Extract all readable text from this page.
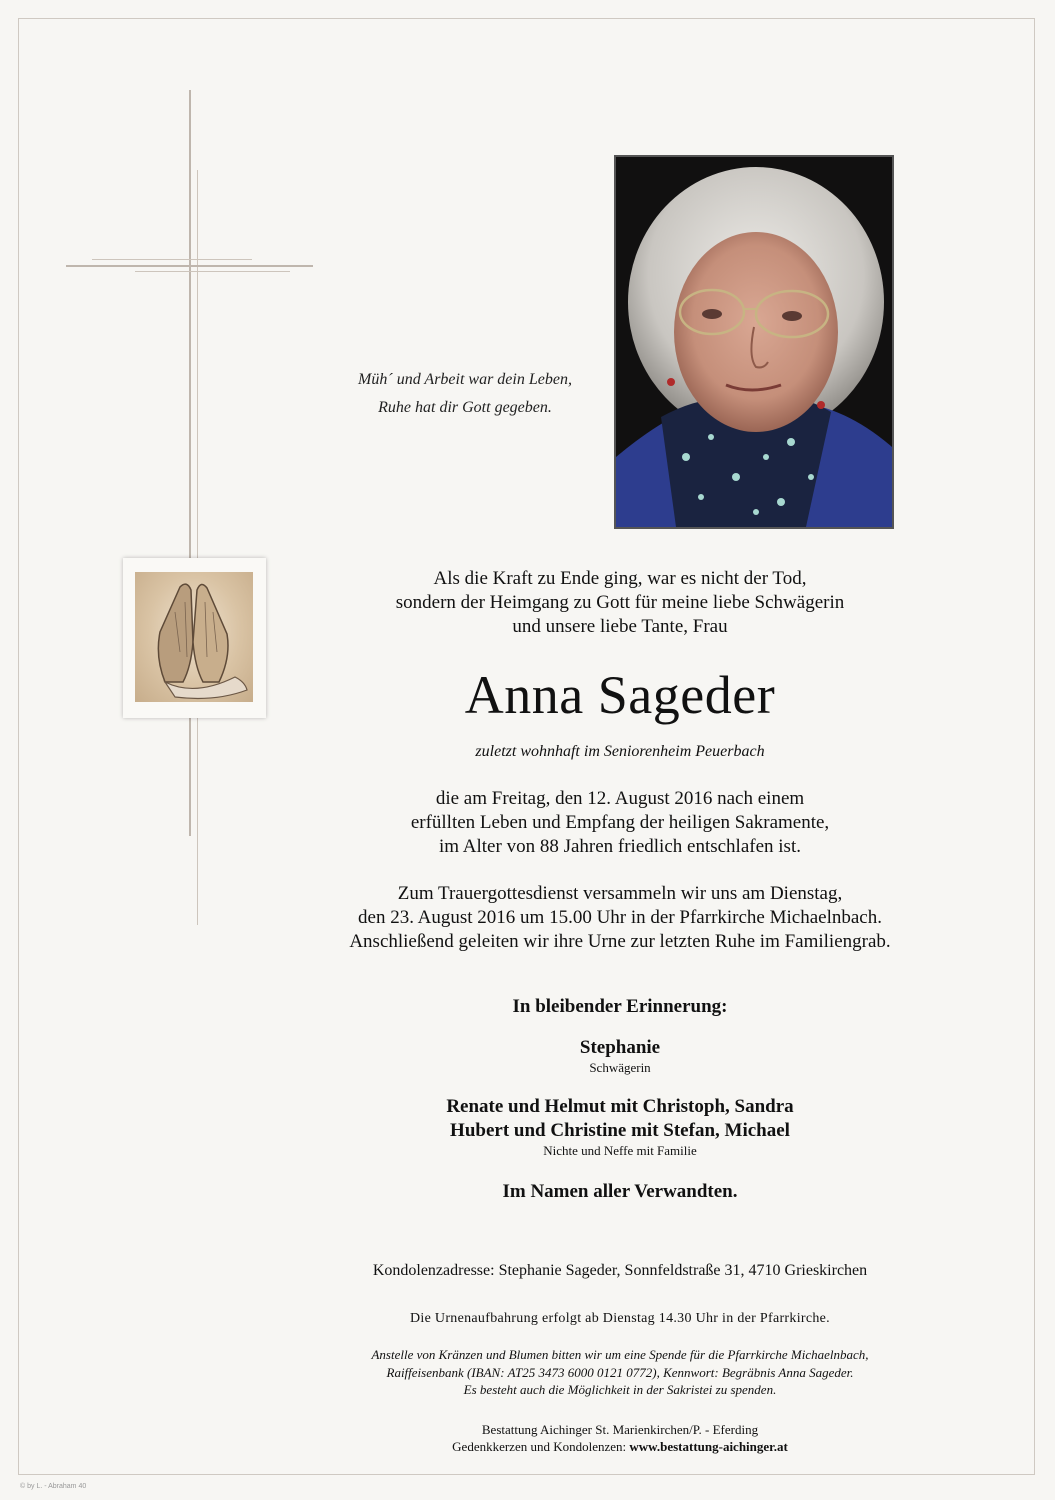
Müh´ und Arbeit war dein Leben,
Ruhe hat dir Gott gegeben.
Als die Kraft zu Ende ging, war es nicht der Tod,
sondern der Heimgang zu Gott für meine liebe Schwägerin
und unsere liebe Tante, Frau
Anna Sageder
zuletzt wohnhaft im Seniorenheim Peuerbach
die am Freitag, den 12. August 2016 nach einem
erfüllten Leben und Empfang der heiligen Sakramente,
im Alter von 88 Jahren friedlich entschlafen ist.
Zum Trauergottesdienst versammeln wir uns am Dienstag,
den 23. August 2016 um 15.00 Uhr in der Pfarrkirche Michaelnbach.
Anschließend geleiten wir ihre Urne zur letzten Ruhe im Familiengrab.
In bleibender Erinnerung:
Stephanie
Schwägerin
Renate und Helmut mit Christoph, Sandra
Hubert und Christine mit Stefan, Michael
Nichte und Neffe mit Familie
Im Namen aller Verwandten.
Kondolenzadresse: Stephanie Sageder, Sonnfeldstraße 31, 4710 Grieskirchen
Die Urnenaufbahrung erfolgt ab Dienstag 14.30 Uhr in der Pfarrkirche.
Anstelle von Kränzen und Blumen bitten wir um eine Spende für die Pfarrkirche Michaelnbach,
Raiffeisenbank (IBAN: AT25 3473 6000 0121 0772), Kennwort: Begräbnis Anna Sageder.
Es besteht auch die Möglichkeit in der Sakristei zu spenden.
Bestattung Aichinger St. Marienkirchen/P. - Eferding
Gedenkkerzen und Kondolenzen: www.bestattung-aichinger.at
© by L. - Abraham 40
